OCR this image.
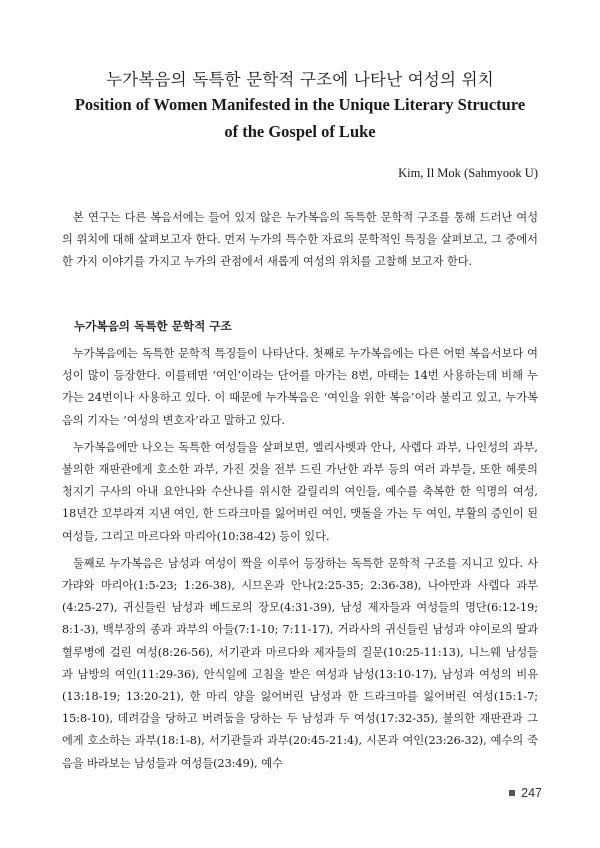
누가복음의 독특한 문학적 구조에 나타난 여성의 위치
Position of Women Manifested in the Unique Literary Structure
of the Gospel of Luke
Kim, Il Mok (Sahmyook U)

본 연구는 다른 복음서에는 들어 있지 않은 누가복음의 독특한 문학적 구조를 통해 드러난 여성의 위치에 대해 살펴보고자 한다. 먼저 누가의 특수한 자료의 문학적인 특징을 살펴보고, 그 중에서 한 가지 이야기를 가지고 누가의 관점에서 새롭게 여성의 위치를 고찰해 보고자 한다.

누가복음의 독특한 문학적 구조

누가복음에는 독특한 문학적 특징들이 나타난다. 첫째로 누가복음에는 다른 어떤 복음서보다 여성이 많이 등장한다. 이를테면 ‘여인’이라는 단어를 마가는 8번, 마태는 14번 사용하는데 비해 누가는 24번이나 사용하고 있다. 이 때문에 누가복음은 ‘여인을 위한 복음’이라 불리고 있고, 누가복음의 기자는 ‘여성의 변호자’라고 말하고 있다.

누가복음에만 나오는 독특한 여성들을 살펴보면, 엘리사벳과 안나, 사렙다 과부, 나인성의 과부, 불의한 재판관에게 호소한 과부, 가진 것을 전부 드린 가난한 과부 등의 여러 과부들, 또한 헤롯의 청지기 구사의 아내 요안나와 수산나를 위시한 갈릴리의 여인들, 예수를 축복한 한 익명의 여성, 18년간 꼬부라져 지낸 여인, 한 드라크마를 잃어버린 여인, 맷돌을 가는 두 여인, 부활의 증인이 된 여성들, 그리고 마르다와 마리아(10:38-42) 등이 있다.

둘째로 누가복음은 남성과 여성이 짝을 이루어 등장하는 독특한 문학적 구조를 지니고 있다. 사가랴와 마리아(1:5-23; 1:26-38), 시므온과 안나(2:25-35; 2:36-38), 나아만과 사렙다 과부(4:25-27), 귀신들린 남성과 베드로의 장모(4:31-39), 남성 제자들과 여성들의 명단(6:12-19; 8:1-3), 백부장의 종과 과부의 아들(7:1-10; 7:11-17), 거라사의 귀신들린 남성과 야이로의 딸과 혈루병에 걸린 여성(8:26-56), 서기관과 마르다와 제자들의 질문(10:25-11:13), 니느웨 남성들과 남방의 여인(11:29-36), 안식일에 고침을 받은 여성과 남성(13:10-17), 남성과 여성의 비유(13:18-19; 13:20-21), 한 마리 양을 잃어버린 남성과 한 드라크마를 잃어버린 여성(15:1-7; 15:8-10), 데려감을 당하고 버려둠을 당하는 두 남성과 두 여성(17:32-35), 불의한 재판관과 그에게 호소하는 과부(18:1-8), 서기관들과 과부(20:45-21:4), 시몬과 여인(23:26-32), 예수의 죽음을 바라보는 남성들과 여성들(23:49), 예수

247
